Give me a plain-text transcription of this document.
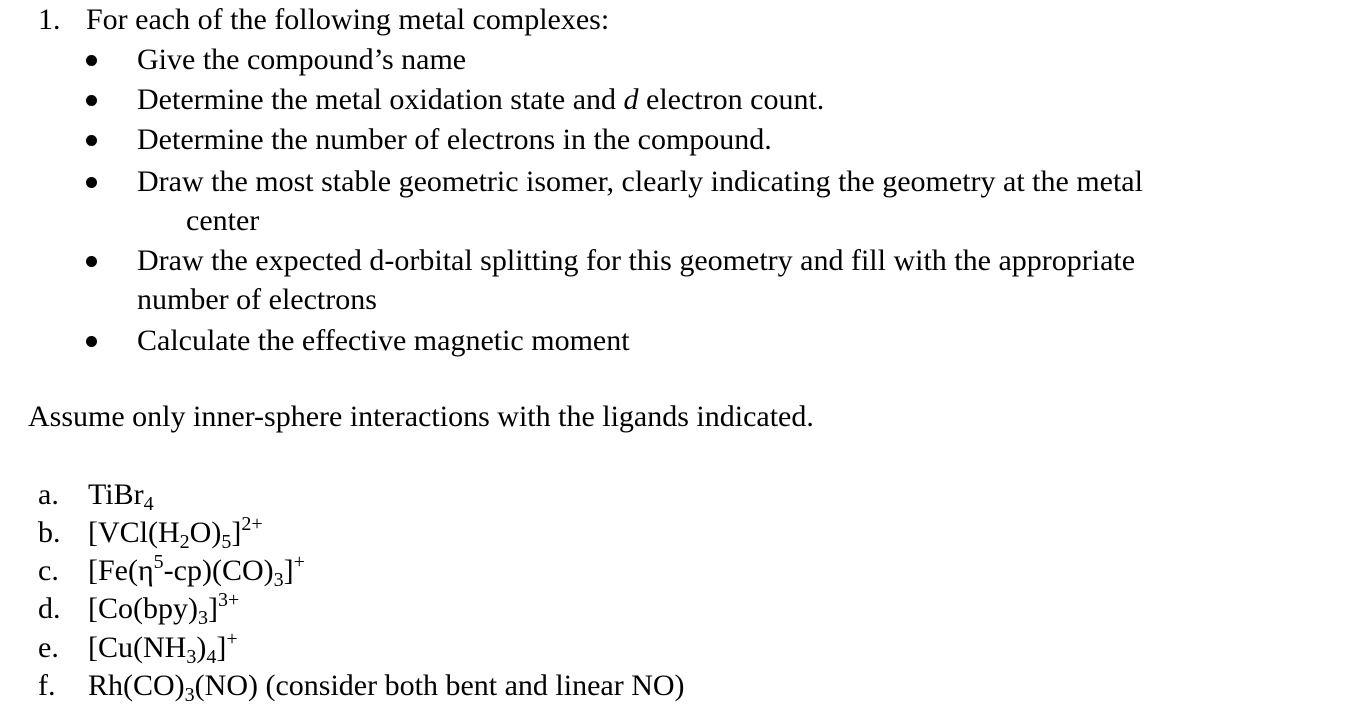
1. For each of the following metal complexes:
Give the compound’s name
Determine the metal oxidation state and d electron count.
Determine the number of electrons in the compound.
Draw the most stable geometric isomer, clearly indicating the geometry at the metal
center
Draw the expected d-orbital splitting for this geometry and fill with the appropriate
number of electrons
Calculate the effective magnetic moment
Assume only inner-sphere interactions with the ligands indicated.
a. TiBr$_4$
b. $[VCl(H_2O)_5]^{2+}$
c. $[Fe(\eta^5-cp)(CO)_3]^+$
d. $[Co(bpy)_3]^{3+}$
e. $[Cu(NH_3)_4]^+$
f. $Rh(CO)_3(NO)$ (consider both bent and linear NO)
